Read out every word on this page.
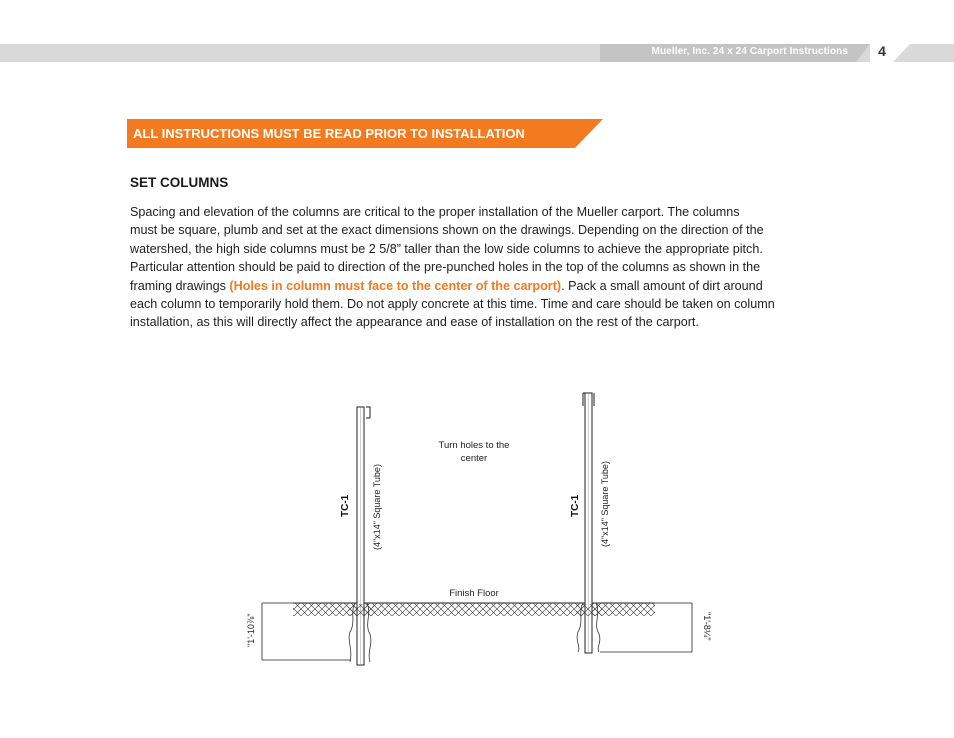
Mueller, Inc. 24 x 24 Carport Instructions	4
ALL INSTRUCTIONS MUST BE READ PRIOR TO INSTALLATION
SET COLUMNS
Spacing and elevation of the columns are critical to the proper installation of the Mueller carport. The columns
must be square, plumb and set at the exact dimensions shown on the drawings. Depending on the direction of the
watershed, the high side columns must be 2 5/8” taller than the low side columns to achieve the appropriate pitch.
Particular attention should be paid to direction of the pre-punched holes in the top of the columns as shown in the
framing drawings (Holes in column must face to the center of the carport). Pack a small amount of dirt around
each column to temporarily hold them. Do not apply concrete at this time. Time and care should be taken on column
installation, as this will directly affect the appearance and ease of installation on the rest of the carport.
Turn holes to the
center
Finish Floor
TC-1 (4"x14" Square Tube)
"1'-10⅞"
TC-1 (4"x14" Square Tube)
"1'-8¼"
